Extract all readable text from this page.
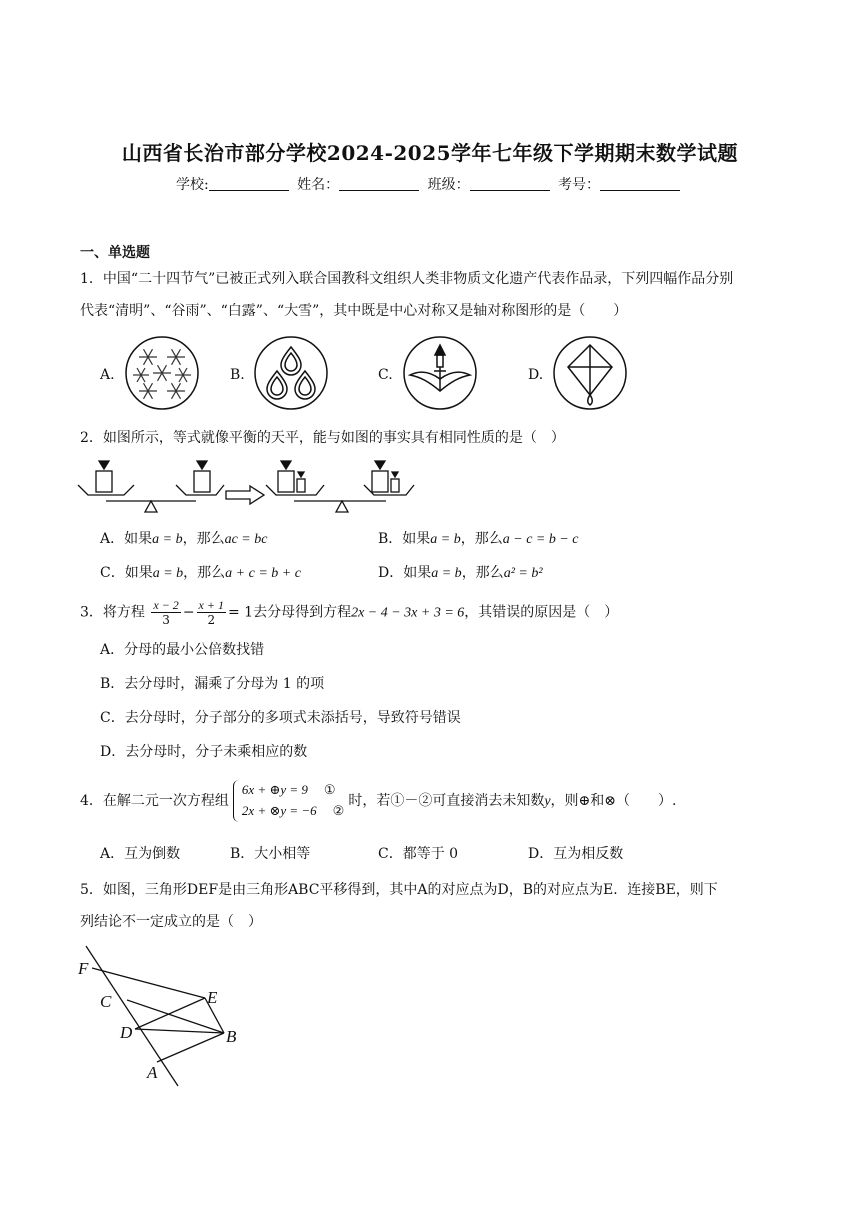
山西省长治市部分学校2024-2025学年七年级下学期期末数学试题
学校:	姓名：	班级：	考号：
一、单选题
1．中国“二十四节气”已被正式列入联合国教科文组织人类非物质文化遗产代表作品录，下列四幅作品分别
代表“清明”、“谷雨”、“白露”、“大雪”，其中既是中心对称又是轴对称图形的是（　　）
A.	B.	C.	D.
2．如图所示，等式就像平衡的天平，能与如图的事实具有相同性质的是（　）
A．如果a = b，那么ac = bc	B．如果a = b，那么a − c = b − c
C．如果a = b，那么a + c = b + c	D．如果a = b，那么a² = b²
3．将方程 $\frac{x - 2}{3} - \frac{x + 1}{2} = 1$去分母得到方程2x − 4 − 3x + 3 = 6，其错误的原因是（　）
A．分母的最小公倍数找错
B．去分母时，漏乘了分母为 1 的项
C．去分母时，分子部分的多项式未添括号，导致符号错误
D．去分母时，分子未乘相应的数
4．在解二元一次方程组
6x + ⊕y = 9 ①
2x + ⊗y = −6 ②
时，若①－②可直接消去未知数y，则⊕和⊗（　　）.
A．互为倒数	B．大小相等	C．都等于 0	D．互为相反数
5．如图，三角形DEF是由三角形ABC平移得到，其中A的对应点为D，B的对应点为E．连接BE，则下
列结论不一定成立的是（　）
F
C	E
D	B
A
